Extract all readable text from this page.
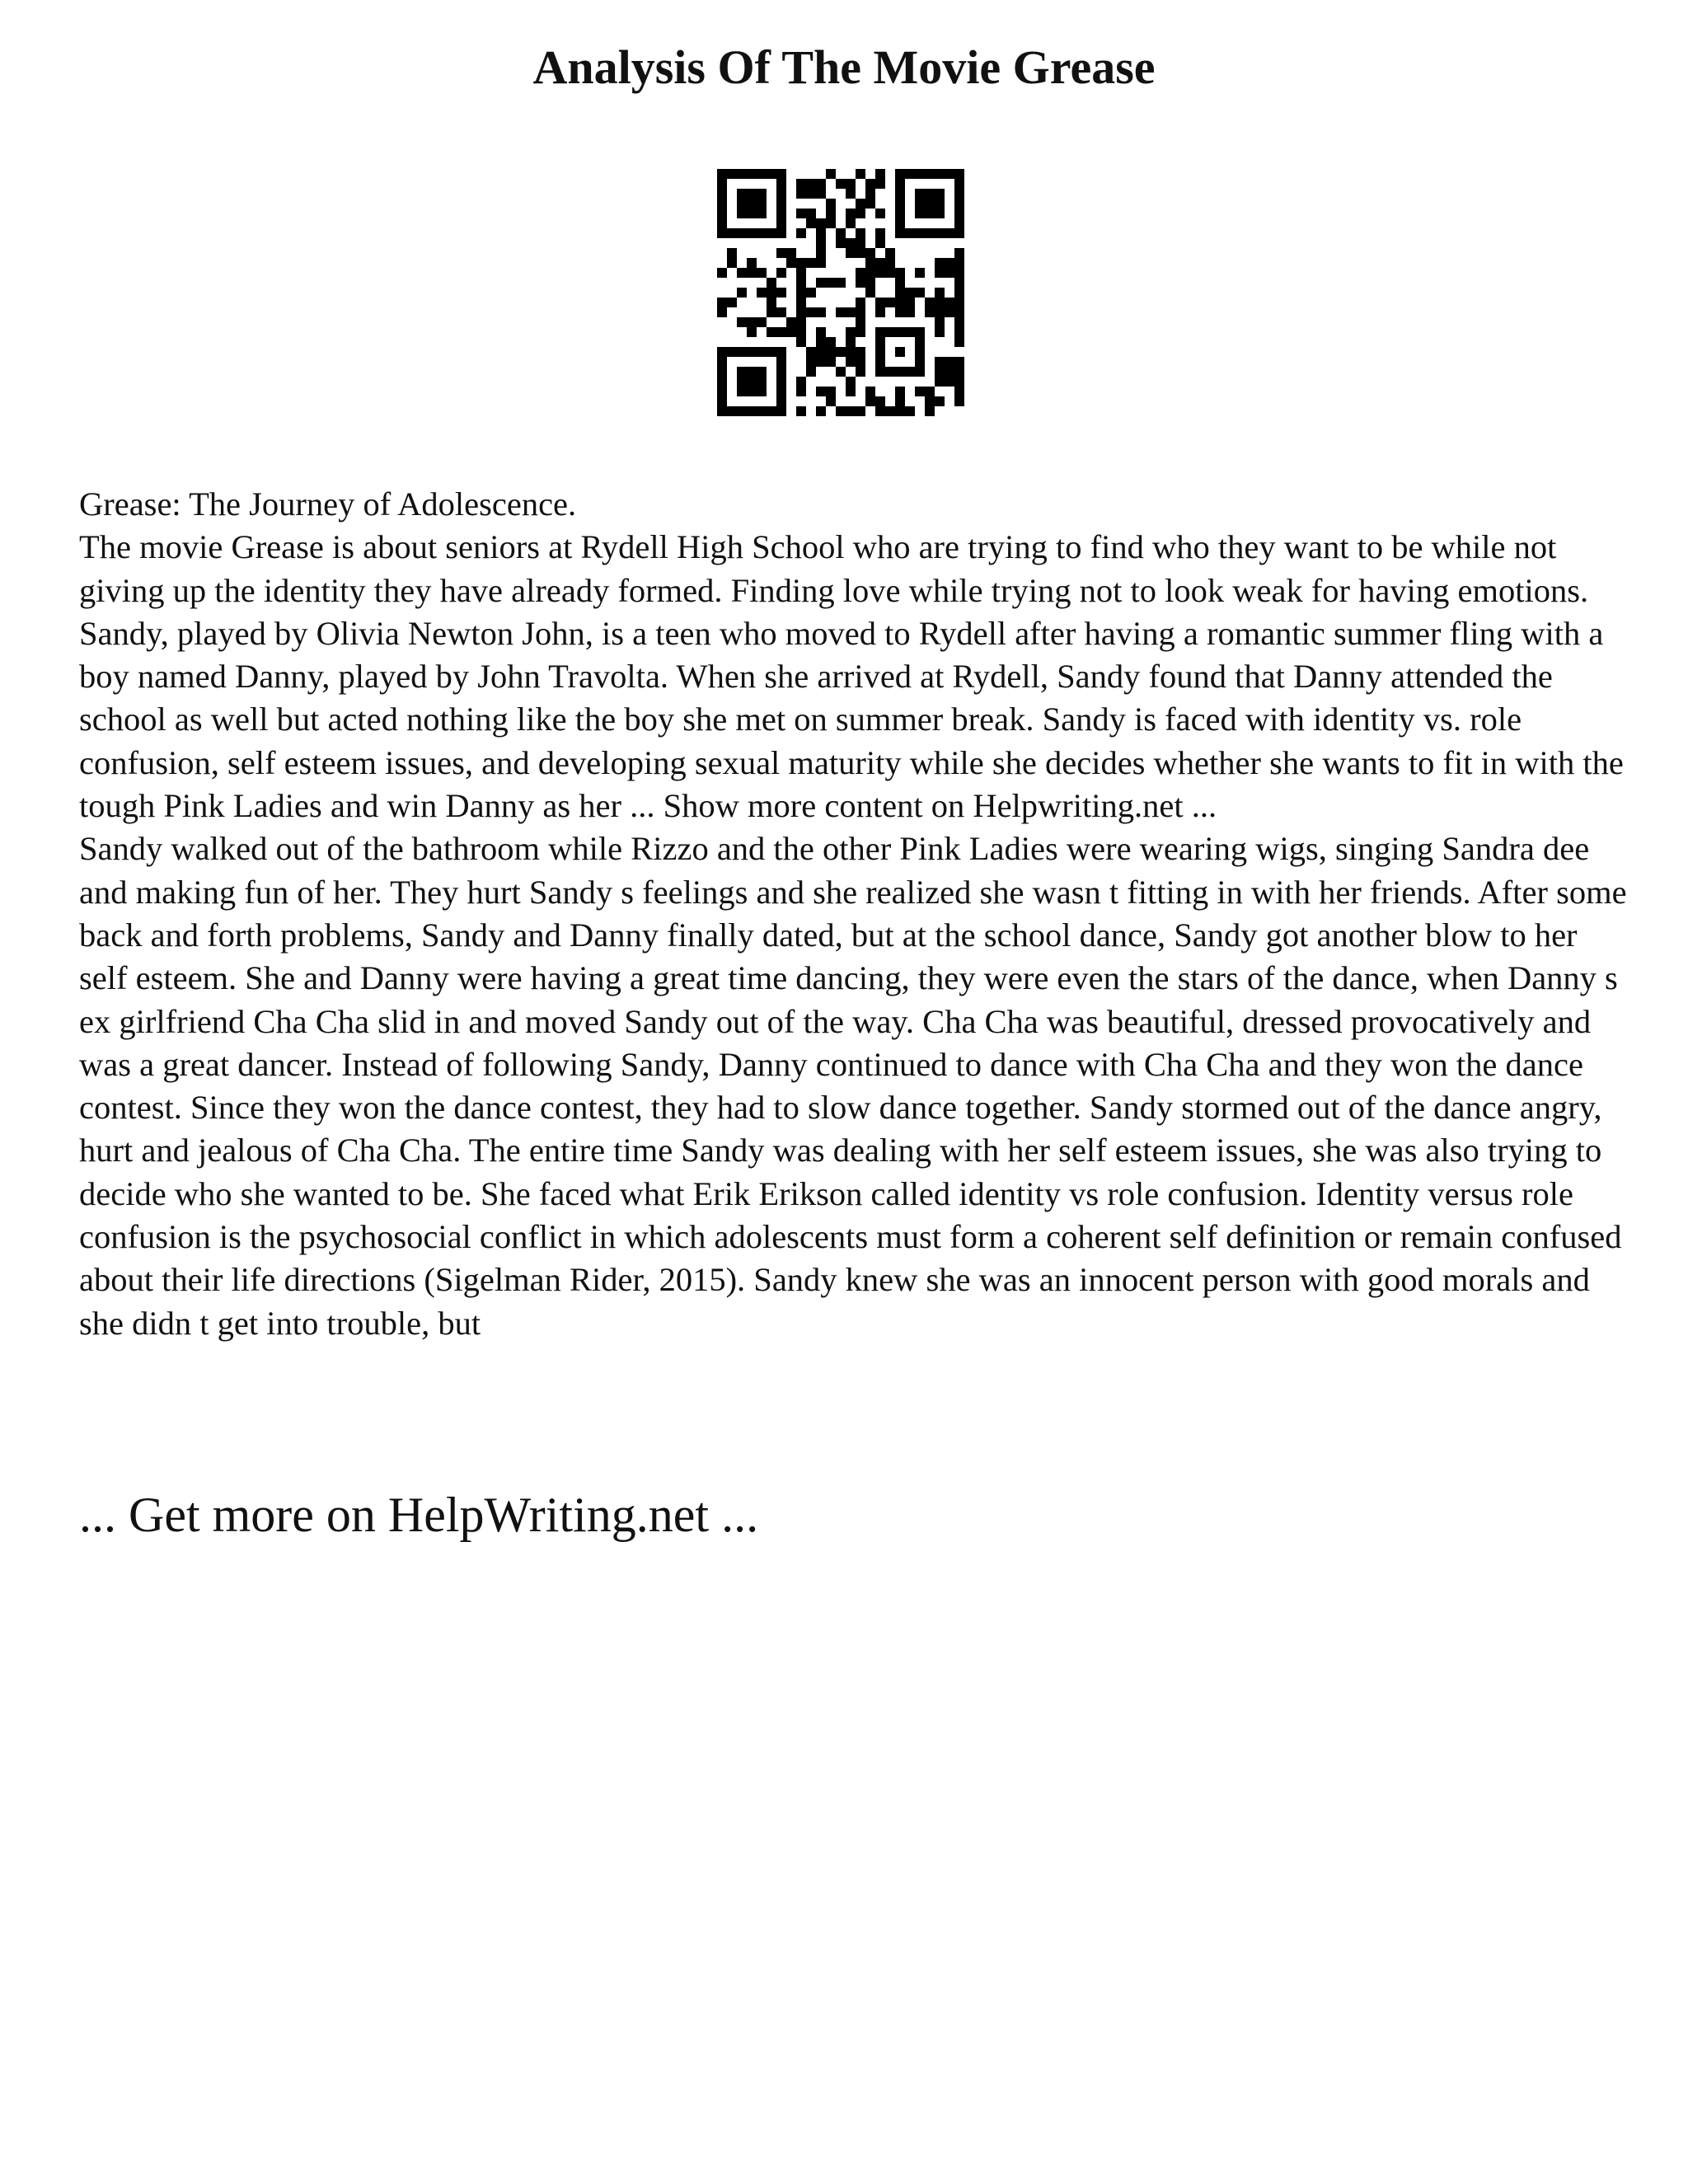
Analysis Of The Movie Grease

Grease: The Journey of Adolescence.

The movie Grease is about seniors at Rydell High School who are trying to find who they want to be while not giving up the identity they have already formed. Finding love while trying not to look weak for having emotions. Sandy, played by Olivia Newton John, is a teen who moved to Rydell after having a romantic summer fling with a boy named Danny, played by John Travolta. When she arrived at Rydell, Sandy found that Danny attended the school as well but acted nothing like the boy she met on summer break. Sandy is faced with identity vs. role confusion, self esteem issues, and developing sexual maturity while she decides whether she wants to fit in with the tough Pink Ladies and win Danny as her ... Show more content on Helpwriting.net ...

Sandy walked out of the bathroom while Rizzo and the other Pink Ladies were wearing wigs, singing Sandra dee and making fun of her. They hurt Sandy s feelings and she realized she wasn t fitting in with her friends. After some back and forth problems, Sandy and Danny finally dated, but at the school dance, Sandy got another blow to her self esteem. She and Danny were having a great time dancing, they were even the stars of the dance, when Danny s ex girlfriend Cha Cha slid in and moved Sandy out of the way. Cha Cha was beautiful, dressed provocatively and was a great dancer. Instead of following Sandy, Danny continued to dance with Cha Cha and they won the dance contest. Since they won the dance contest, they had to slow dance together. Sandy stormed out of the dance angry, hurt and jealous of Cha Cha. The entire time Sandy was dealing with her self esteem issues, she was also trying to decide who she wanted to be. She faced what Erik Erikson called identity vs role confusion. Identity versus role confusion is the psychosocial conflict in which adolescents must form a coherent self definition or remain confused about their life directions (Sigelman Rider, 2015). Sandy knew she was an innocent person with good morals and she didn t get into trouble, but

... Get more on HelpWriting.net ...
